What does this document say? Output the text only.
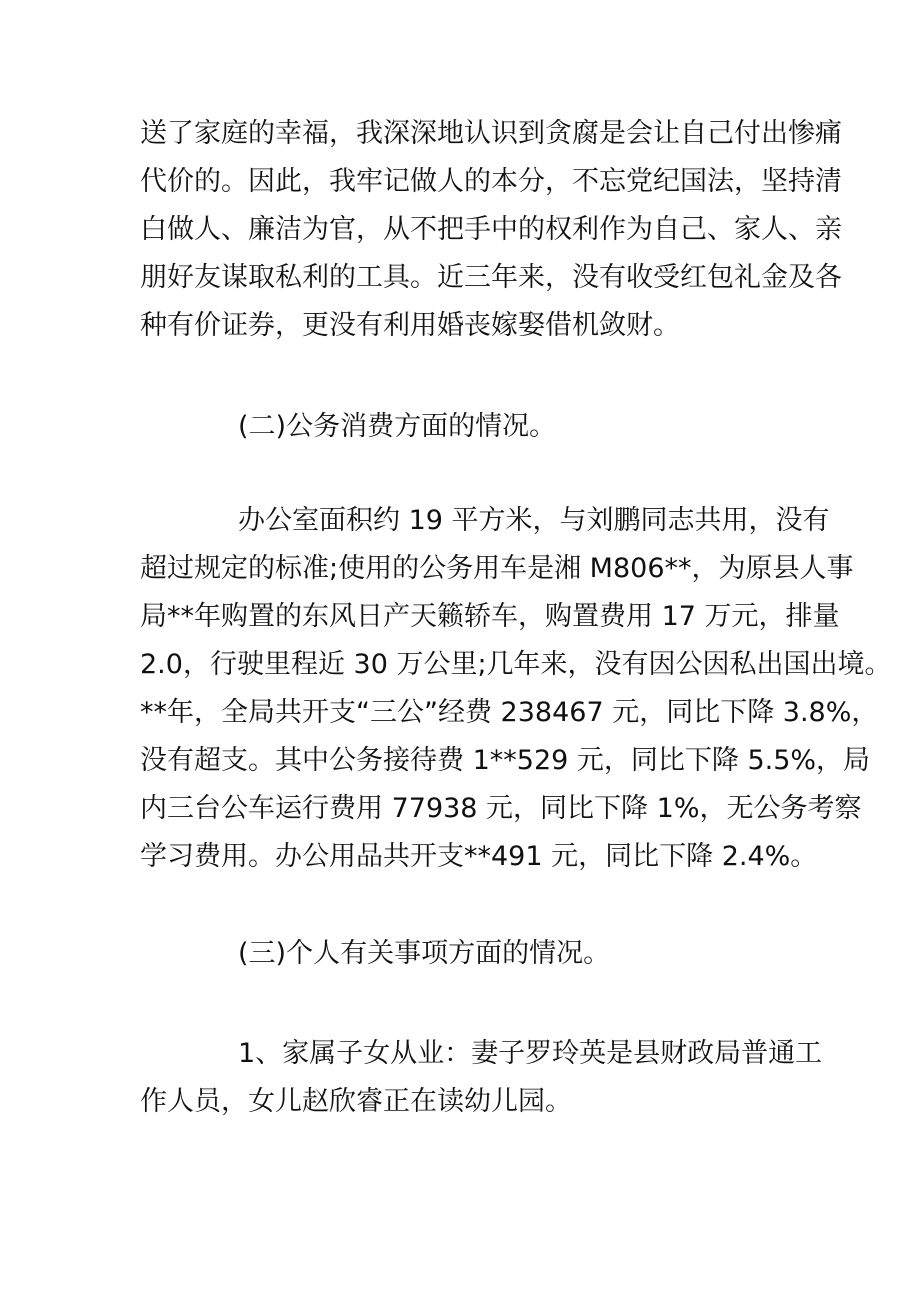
送了家庭的幸福，我深深地认识到贪腐是会让自己付出惨痛
代价的。因此，我牢记做人的本分，不忘党纪国法，坚持清
白做人、廉洁为官，从不把手中的权利作为自己、家人、亲
朋好友谋取私利的工具。近三年来，没有收受红包礼金及各
种有价证券，更没有利用婚丧嫁娶借机敛财。

(二)公务消费方面的情况。

办公室面积约 19 平方米，与刘鹏同志共用，没有
超过规定的标准;使用的公务用车是湘 M806**，为原县人事
局**年购置的东风日产天籁轿车，购置费用 17 万元，排量
2.0，行驶里程近 30 万公里;几年来，没有因公因私出国出境。
**年，全局共开支“三公”经费 238467 元，同比下降 3.8%，
没有超支。其中公务接待费 1**529 元，同比下降 5.5%，局
内三台公车运行费用 77938 元，同比下降 1%，无公务考察
学习费用。办公用品共开支**491 元，同比下降 2.4%。

(三)个人有关事项方面的情况。

1、家属子女从业：妻子罗玲英是县财政局普通工
作人员，女儿赵欣睿正在读幼儿园。
